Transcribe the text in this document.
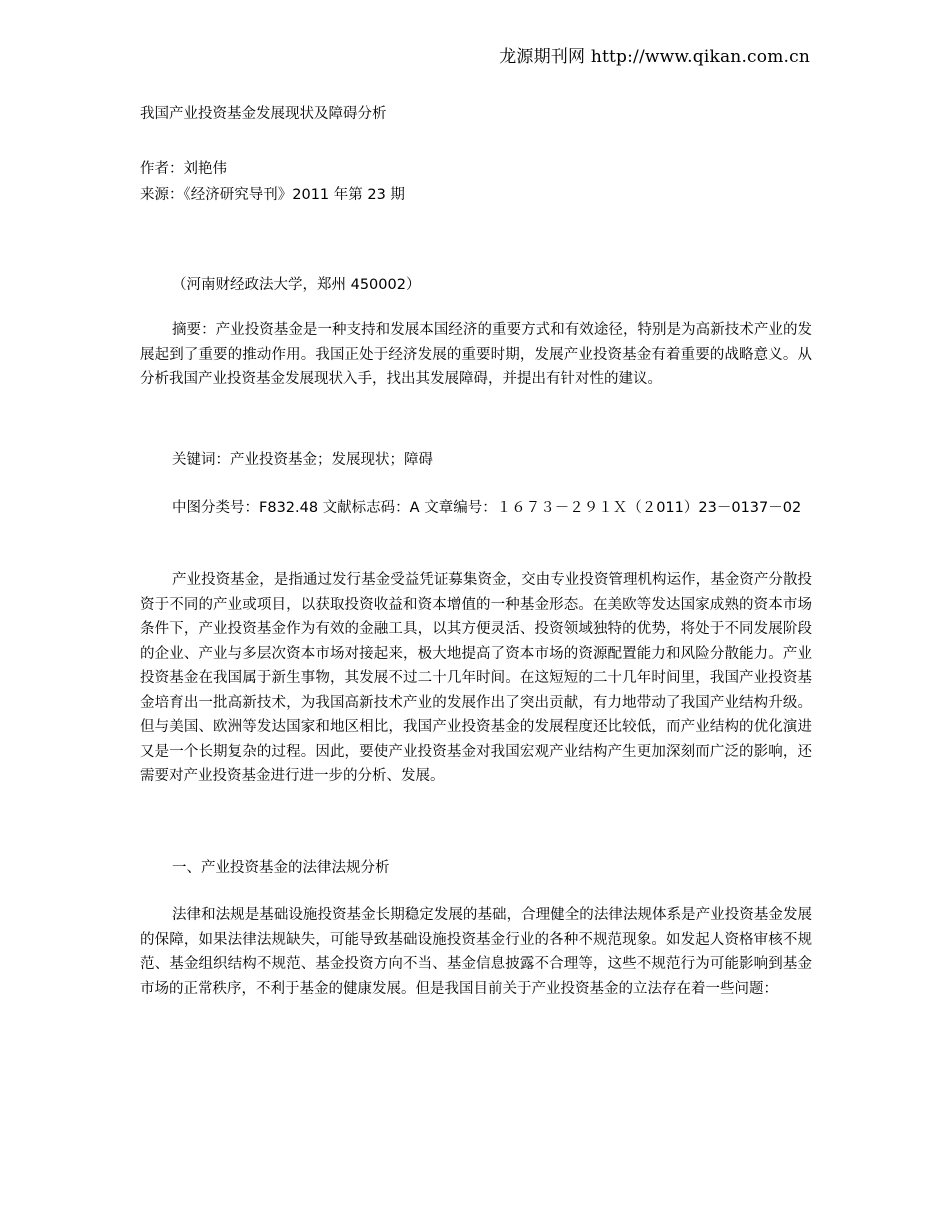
龙源期刊网 http://www.qikan.com.cn
我国产业投资基金发展现状及障碍分析
作者：刘艳伟
来源：《经济研究导刊》2011 年第 23 期
（河南财经政法大学，郑州 450002）
摘要：产业投资基金是一种支持和发展本国经济的重要方式和有效途径，特别是为高新技术产业的发展起到了重要的推动作用。我国正处于经济发展的重要时期，发展产业投资基金有着重要的战略意义。从分析我国产业投资基金发展现状入手，找出其发展障碍，并提出有针对性的建议。
关键词：产业投资基金；发展现状；障碍
中图分类号：F832.48 文献标志码：A 文章编号：１６７３－２９１Ｘ（２011）23－0137－02
产业投资基金，是指通过发行基金受益凭证募集资金，交由专业投资管理机构运作，基金资产分散投资于不同的产业或项目，以获取投资收益和资本增值的一种基金形态。在美欧等发达国家成熟的资本市场条件下，产业投资基金作为有效的金融工具，以其方便灵活、投资领域独特的优势，将处于不同发展阶段的企业、产业与多层次资本市场对接起来，极大地提高了资本市场的资源配置能力和风险分散能力。产业投资基金在我国属于新生事物，其发展不过二十几年时间。在这短短的二十几年时间里，我国产业投资基金培育出一批高新技术，为我国高新技术产业的发展作出了突出贡献，有力地带动了我国产业结构升级。但与美国、欧洲等发达国家和地区相比，我国产业投资基金的发展程度还比较低，而产业结构的优化演进又是一个长期复杂的过程。因此，要使产业投资基金对我国宏观产业结构产生更加深刻而广泛的影响，还需要对产业投资基金进行进一步的分析、发展。
一、产业投资基金的法律法规分析
法律和法规是基础设施投资基金长期稳定发展的基础，合理健全的法律法规体系是产业投资基金发展的保障，如果法律法规缺失，可能导致基础设施投资基金行业的各种不规范现象。如发起人资格审核不规范、基金组织结构不规范、基金投资方向不当、基金信息披露不合理等，这些不规范行为可能影响到基金市场的正常秩序，不利于基金的健康发展。但是我国目前关于产业投资基金的立法存在着一些问题：
